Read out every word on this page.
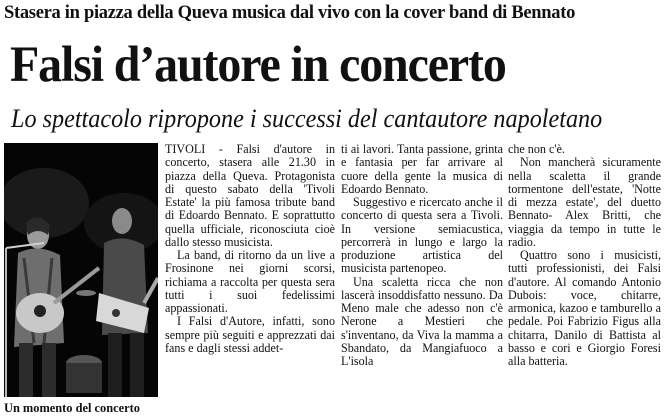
Stasera in piazza della Queva musica dal vivo con la cover band di Bennato
Falsi d’autore in concerto
Lo spettacolo ripropone i successi del cantautore napoletano
Un momento del concerto

TIVOLI - Falsi d'autore in concerto, stasera alle 21.30 in piazza della Queva. Protagonista di questo sabato della 'Tivoli Estate' la più famosa tribute band di Edoardo Bennato. E soprattutto quella ufficiale, riconosciuta cioè dallo stesso musicista.

La band, di ritorno da un live a Frosinone nei giorni scorsi, richiama a raccolta per questa sera tutti i suoi fedelissimi appassionati.

I Falsi d'Autore, infatti, sono sempre più seguiti e apprezzati dai fans e dagli stessi addet-

ti ai lavori. Tanta passione, grinta e fantasia per far arrivare al cuore della gente la musica di Edoardo Bennato.

Suggestivo e ricercato anche il concerto di questa sera a Tivoli. In versione semiacustica, percorrerà in lungo e largo la produzione artistica del musicista partenopeo.

Una scaletta ricca che non lascerà insoddisfatto nessuno. Da Meno male che adesso non c'è Nerone a Mestieri che s'inventano, da Viva la mamma a Sbandato, da Mangiafuoco a L'isola

che non c'è.

Non mancherà sicuramente nella scaletta il grande tormentone dell'estate, 'Notte di mezza estate', del duetto Bennato- Alex Britti, che viaggia da tempo in tutte le radio.

Quattro sono i musicisti, tutti professionisti, dei Falsi d'autore. Al comando Antonio Dubois: voce, chitarre, armonica, kazoo e tamburello a pedale. Poi Fabrizio Figus alla chitarra, Danilo di Battista al basso e cori e Giorgio Foresi alla batteria.
